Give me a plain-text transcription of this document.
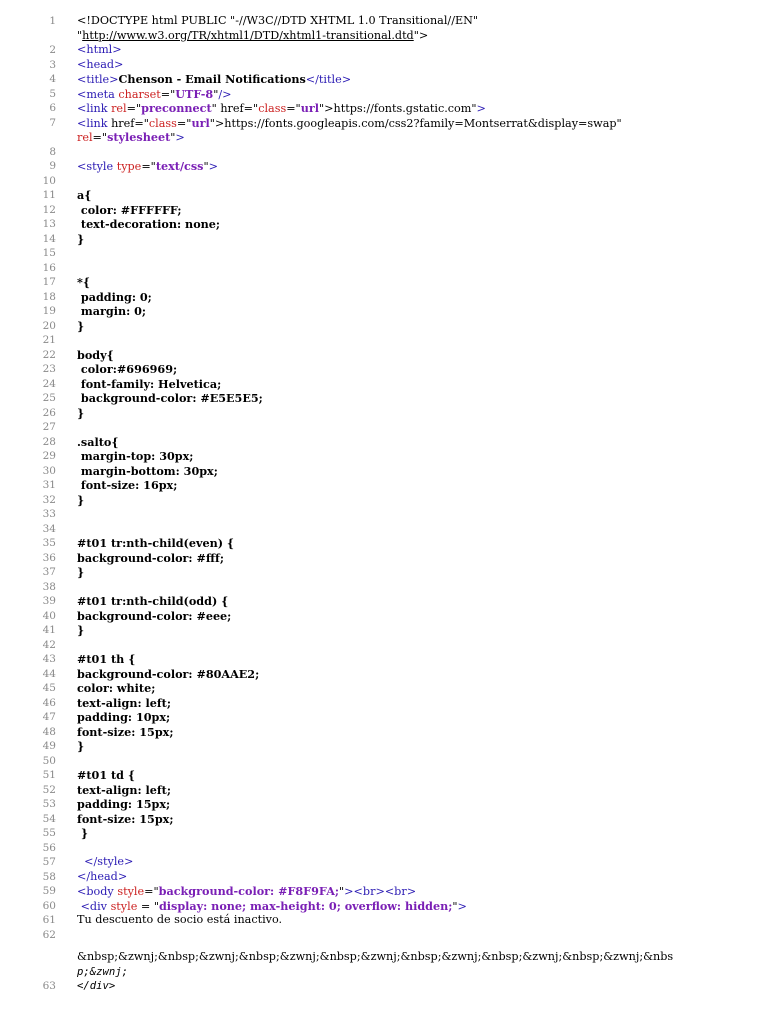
1 <!DOCTYPE html PUBLIC "-//W3C//DTD XHTML 1.0 Transitional//EN"
"http://www.w3.org/TR/xhtml1/DTD/xhtml1-transitional.dtd">
2 <html>
3 <head>
4 <title>Chenson - Email Notifications</title>
5 <meta charset="UTF-8"/>
6 <link rel="preconnect" href="class="url">https://fonts.gstatic.com">
7 <link href="class="url">https://fonts.googleapis.com/css2?family=Montserrat&display=swap"
rel="stylesheet">
8
9 <style type="text/css">
10
11 a{
12 color: #FFFFFF;
13 text-decoration: none;
14 }
15
16
17 *{
18 padding: 0;
19 margin: 0;
20 }
21
22 body{
23 color:#696969;
24 font-family: Helvetica;
25 background-color: #E5E5E5;
26 }
27
28 .salto{
29 margin-top: 30px;
30 margin-bottom: 30px;
31 font-size: 16px;
32 }
33
34
35 #t01 tr:nth-child(even) {
36 background-color: #fff;
37 }
38
39 #t01 tr:nth-child(odd) {
40 background-color: #eee;
41 }
42
43 #t01 th {
44 background-color: #80AAE2;
45 color: white;
46 text-align: left;
47 padding: 10px;
48 font-size: 15px;
49 }
50
51 #t01 td {
52 text-align: left;
53 padding: 15px;
54 font-size: 15px;
55 }
56
57	</style>
58 </head>
59 <body style="background-color: #F8F9FA;"><br><br>
60	<div style = "display: none; max-height: 0; overflow: hidden;">
61 Tu descuento de socio está inactivo.
62
&nbsp;&zwnj;&nbsp;&zwnj;&nbsp;&zwnj;&nbsp;&zwnj;&nbsp;&zwnj;&nbsp;&zwnj;&nbsp;&zwnj;&nbs
p;&zwnj;
63 </div>
